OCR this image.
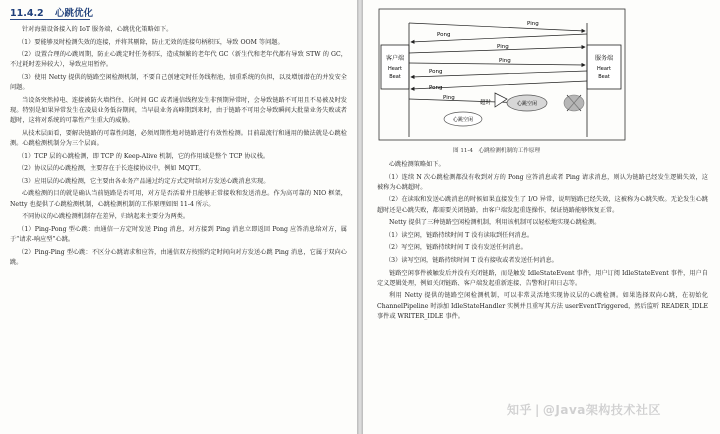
11.4.2 心跳优化

针对海量设备接入的 IoT 服务端，心跳优化策略如下。

（1）要能够及时检测失效的连接，并将其剔除，防止无效的连接句柄积压，导致 OOM 等问题。

（2）设置合理的心跳周期，防止心跳定时任务积压，造成频繁的老年代 GC（新生代和老年代都有导致 STW 的 GC，不过耗时差异较大），导致应用暂停。

（3）使用 Netty 提供的链路空闲检测机制，不要自己创建定时任务线程池，加重系统的负担，以及增加潜在的并发安全问题。

当设备突然掉电、连接被防火墙挡住、长时间 GC 或者通信线程发生非预期异常时，会导致链路不可用且不易被及时发现。特别是如果异常发生在凌晨业务低谷期间，当早晨业务高峰期到来时，由于链路不可用会导致瞬间大批量业务失败或者超时，这将对系统的可靠性产生重大的威胁。

从技术层面看，要解决链路的可靠性问题，必须周期性地对链路进行有效性检测。目前最流行和通用的做法就是心跳检测。心跳检测机制分为三个层面。

（1）TCP 层的心跳检测，即 TCP 的 Keep-Alive 机制，它的作用域是整个 TCP 协议栈。

（2）协议层的心跳检测，主要存在于长连接协议中，例如 MQTT。

（3）应用层的心跳检测，它主要由各业务产品通过约定方式定时给对方发送心跳消息实现。

心跳检测的目的就是确认当前链路是否可用，对方是否活着并且能够正常接收和发送消息。作为高可靠的 NIO 框架，Netty 也提供了心跳检测机制，心跳检测机制的工作原理如图 11-4 所示。

不同协议的心跳检测机制存在差异，归纳起来主要分为两类。

（1）Ping-Pong 型心跳：由通信一方定时发送 Ping 消息，对方接到 Ping 消息立即返回 Pong 应答消息给对方，属于“请求-响应型”心跳。

（2）Ping-Ping 型心跳：不区分心跳请求和应答，由通信双方按照约定时间向对方发送心跳 Ping 消息，它属于双向心跳。

客户端
Heart
Beat
服务端
Heart
Beat
Ping
Pong
Ping
Ping
Pong
Pong
Ping
超时	心跳空闲
心跳空闲
图 11-4　心跳检测机制的工作原理

心跳检测策略如下。

（1）连续 N 次心跳检测都没有收到对方的 Pong 应答消息或者 Ping 请求消息，则认为链路已经发生逻辑失效，这被称为心跳超时。

（2）在读取和发送心跳消息的时候如果直接发生了 I/O 异常，说明链路已经失效，这被称为心跳失败。无论发生心跳超时还是心跳失败，都需要关闭链路，由客户端发起重连操作，保证链路能够恢复正常。

Netty 提供了三种链路空闲检测机制，利用该机制可以轻松地实现心跳检测。

（1）读空闲，链路持续时间 T 没有读取到任何消息。

（2）写空闲，链路持续时间 T 没有发送任何消息。

（3）读写空闲，链路持续时间 T 没有接收或者发送任何消息。

链路空闲事件被触发后并没有关闭链路，而是触发 IdleStateEvent 事件，用户订阅 IdleStateEvent 事件，用户自定义逻辑处理，例如关闭链路、客户端发起重新连接、告警和打印日志等。

利用 Netty 提供的链路空闲检测机制，可以非常灵活地实现协议层的心跳检测。如果选择双向心跳，在初始化 ChannelPipeline 时添加 IdleStateHandler 实例并且重写其方法 userEventTriggered，然后监听 READER_IDLE 事件或 WRITER_IDLE 事件。

知乎 | @Java架构技术社区
